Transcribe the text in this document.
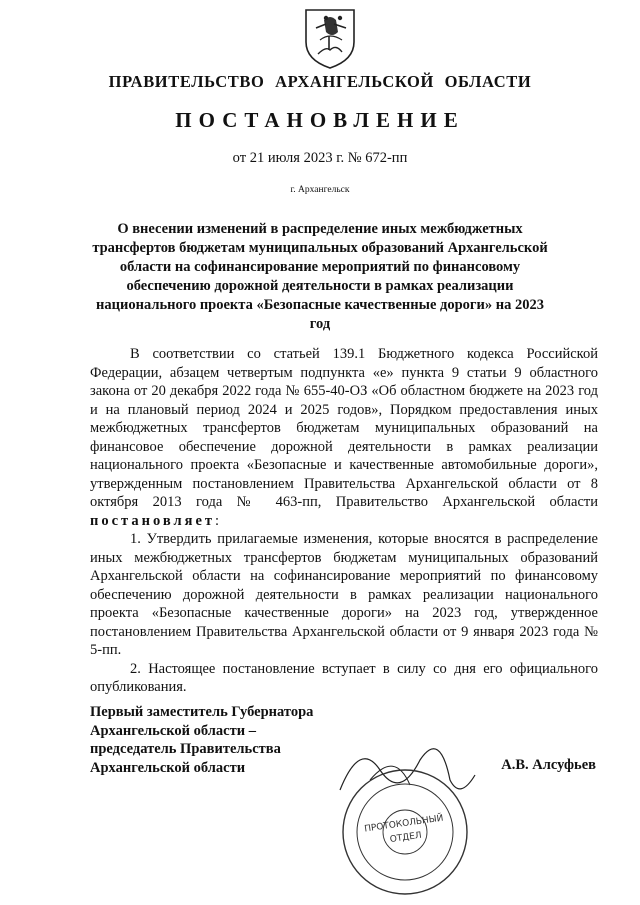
ПРАВИТЕЛЬСТВО АРХАНГЕЛЬСКОЙ ОБЛАСТИ
ПОСТАНОВЛЕНИЕ
от 21 июля 2023 г. № 672-пп
г. Архангельск
О внесении изменений в распределение иных межбюджетных трансфертов бюджетам муниципальных образований Архангельской области на софинансирование мероприятий по финансовому обеспечению дорожной деятельности в рамках реализации национального проекта «Безопасные качественные дороги» на 2023 год

В соответствии со статьей 139.1 Бюджетного кодекса Российской Федерации, абзацем четвертым подпункта «е» пункта 9 статьи 9 областного закона от 20 декабря 2022 года № 655-40-ОЗ «Об областном бюджете на 2023 год и на плановый период 2024 и 2025 годов», Порядком предоставления иных межбюджетных трансфертов бюджетам муниципальных образований на финансовое обеспечение дорожной деятельности в рамках реализации национального проекта «Безопасные и качественные автомобильные дороги», утвержденным постановлением Правительства Архангельской области от 8 октября 2013 года № 463-пп, Правительство Архангельской области постановляет:

1. Утвердить прилагаемые изменения, которые вносятся в распределение иных межбюджетных трансфертов бюджетам муниципальных образований Архангельской области на софинансирование мероприятий по финансовому обеспечению дорожной деятельности в рамках реализации национального проекта «Безопасные качественные дороги» на 2023 год, утвержденное постановлением Правительства Архангельской области от 9 января 2023 года № 5-пп.

2. Настоящее постановление вступает в силу со дня его официального опубликования.

Первый заместитель Губернатора
Архангельской области –
председатель Правительства
Архангельской области	А.В. Алсуфьев
ПРОТОКОЛЬНЫЙ
ОТДЕЛ
